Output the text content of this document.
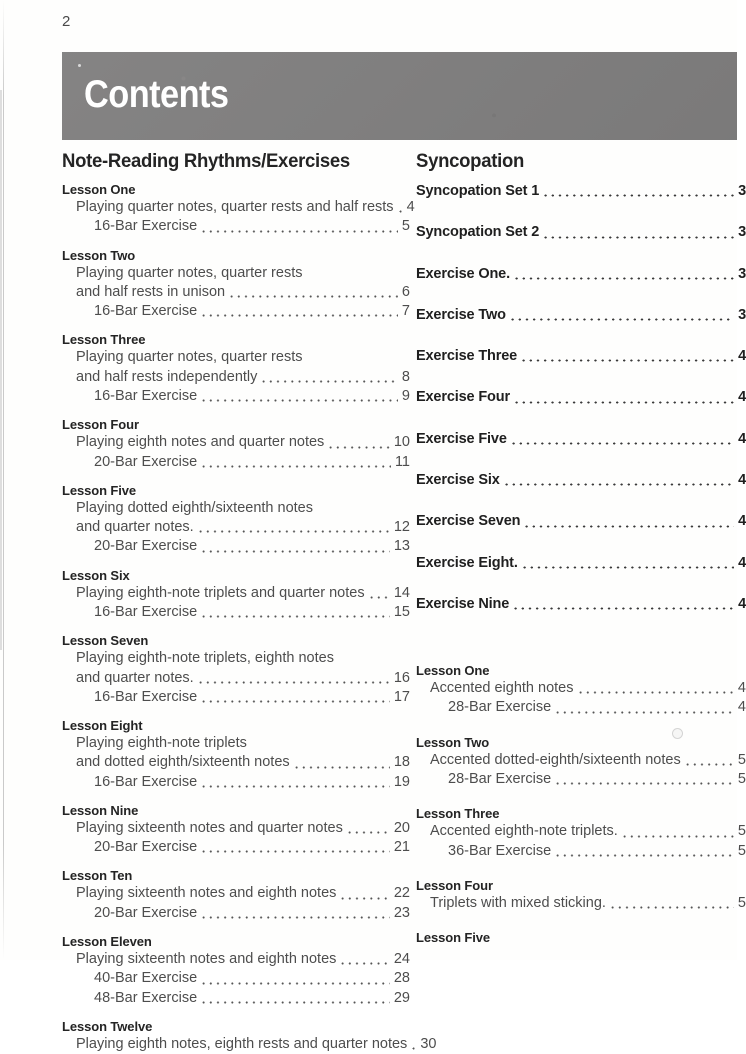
2
Contents
Note-Reading Rhythms/Exercises
Lesson One
Playing quarter notes, quarter rests and half rests 4
16-Bar Exercise	5
Lesson Two
Playing quarter notes, quarter rests
and half rests in unison	6
16-Bar Exercise	7
Lesson Three
Playing quarter notes, quarter rests
and half rests independently	8
16-Bar Exercise	9
Lesson Four
Playing eighth notes and quarter notes	10
20-Bar Exercise	11
Lesson Five
Playing dotted eighth/sixteenth notes
and quarter notes.	12
20-Bar Exercise	13
Lesson Six
Playing eighth-note triplets and quarter notes 14
16-Bar Exercise	15
Lesson Seven
Playing eighth-note triplets, eighth notes
and quarter notes.	16
16-Bar Exercise	17
Lesson Eight
Playing eighth-note triplets
and dotted eighth/sixteenth notes	18
16-Bar Exercise	19
Lesson Nine
Playing sixteenth notes and quarter notes	20
20-Bar Exercise	21
Lesson Ten
Playing sixteenth notes and eighth notes	22
20-Bar Exercise	23
Lesson Eleven
Playing sixteenth notes and eighth notes	24
40-Bar Exercise	28
48-Bar Exercise	29
Lesson Twelve
Playing eighth notes, eighth rests and quarter notes 30
Syncopation
Syncopation Set 1	3
Syncopation Set 2	3
Exercise One.	3
Exercise Two	3
Exercise Three	4
Exercise Four	4
Exercise Five	4
Exercise Six	4
Exercise Seven	4
Exercise Eight.	4
Exercise Nine	4
Lesson One
Accented eighth notes	4
28-Bar Exercise	4
Lesson Two
Accented dotted-eighth/sixteenth notes	5
28-Bar Exercise	5
Lesson Three
Accented eighth-note triplets.	5
36-Bar Exercise	5
Lesson Four
Triplets with mixed sticking.	5
Lesson Five
